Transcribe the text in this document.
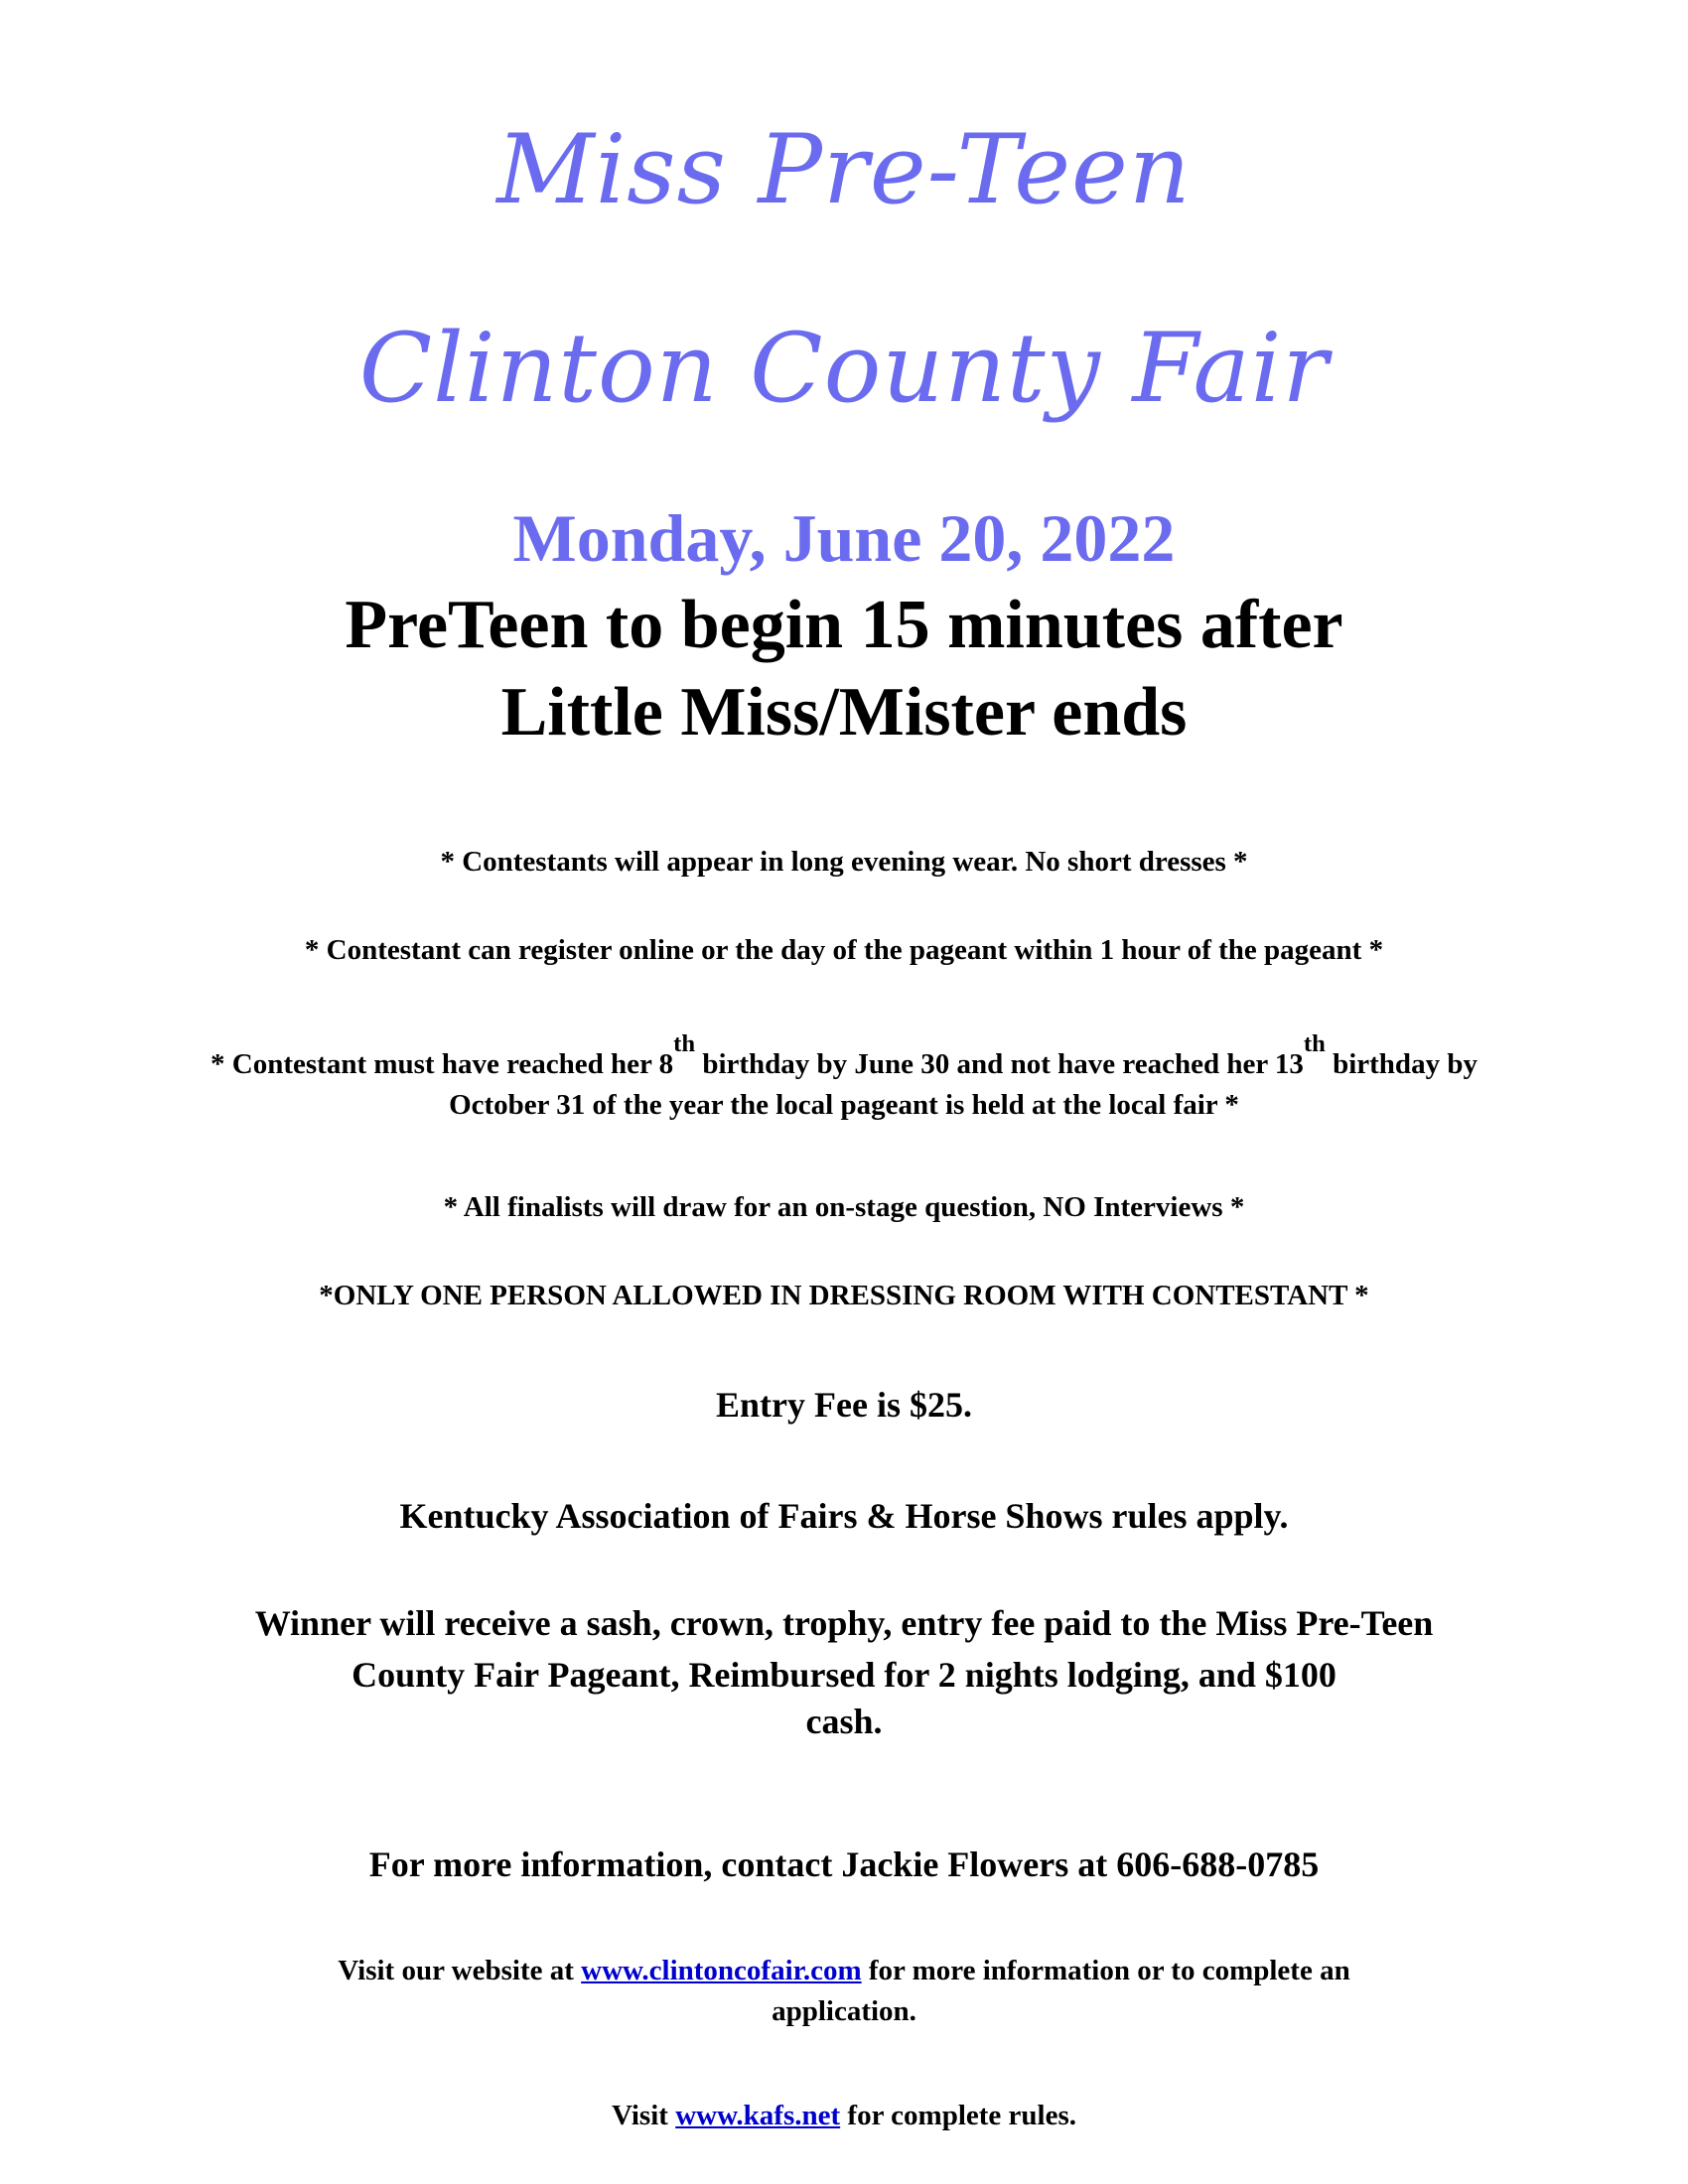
Miss Pre-Teen
Clinton County Fair
Monday, June 20, 2022
PreTeen to begin 15 minutes after
Little Miss/Mister ends
* Contestants will appear in long evening wear. No short dresses *
* Contestant can register online or the day of the pageant within 1 hour of the pageant *
* Contestant must have reached her 8th birthday by June 30 and not have reached her 13th birthday by
October 31 of the year the local pageant is held at the local fair *
* All finalists will draw for an on-stage question, NO Interviews *
*ONLY ONE PERSON ALLOWED IN DRESSING ROOM WITH CONTESTANT *
Entry Fee is $25.
Kentucky Association of Fairs & Horse Shows rules apply.
Winner will receive a sash, crown, trophy, entry fee paid to the Miss Pre-Teen
County Fair Pageant, Reimbursed for 2 nights lodging, and $100
cash.
For more information, contact Jackie Flowers at 606-688-0785
Visit our website at www.clintoncofair.com for more information or to complete an
application.
Visit www.kafs.net for complete rules.
